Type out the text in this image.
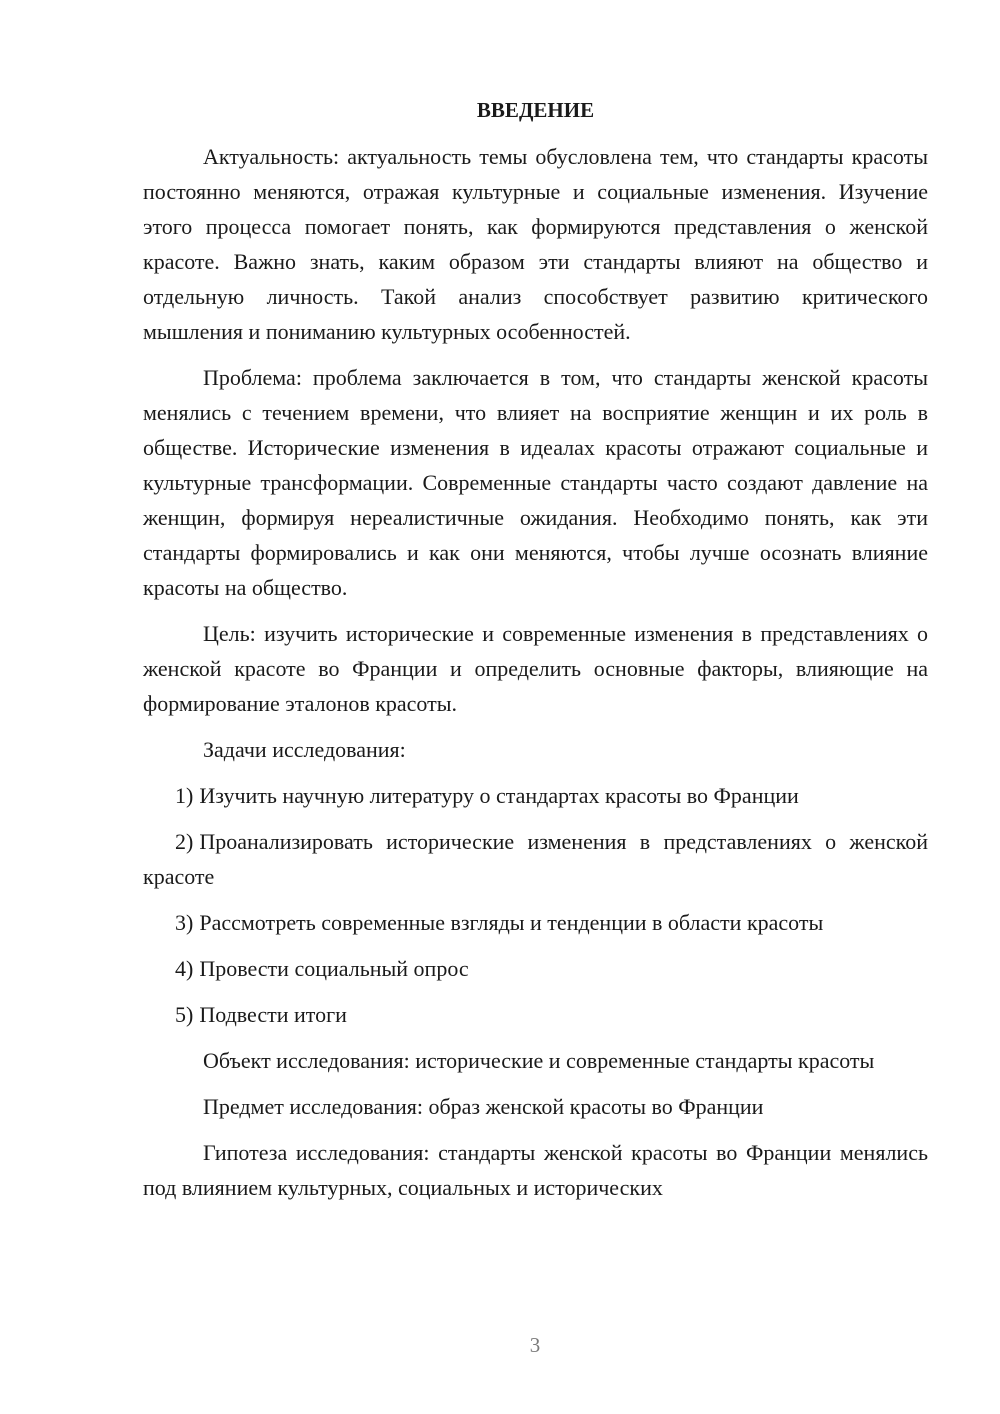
ВВЕДЕНИЕ

Актуальность: актуальность темы обусловлена тем, что стандарты красоты постоянно меняются, отражая культурные и социальные изменения. Изучение этого процесса помогает понять, как формируются представления о женской красоте. Важно знать, каким образом эти стандарты влияют на общество и отдельную личность. Такой анализ способствует развитию критического мышления и пониманию культурных особенностей.

Проблема: проблема заключается в том, что стандарты женской красоты менялись с течением времени, что влияет на восприятие женщин и их роль в обществе. Исторические изменения в идеалах красоты отражают социальные и культурные трансформации. Современные стандарты часто создают давление на женщин, формируя нереалистичные ожидания. Необходимо понять, как эти стандарты формировались и как они меняются, чтобы лучше осознать влияние красоты на общество.

Цель: изучить исторические и современные изменения в представлениях о женской красоте во Франции и определить основные факторы, влияющие на формирование эталонов красоты.

Задачи исследования:

1) Изучить научную литературу о стандартах красоты во Франции

2) Проанализировать исторические изменения в представлениях о женской красоте

3) Рассмотреть современные взгляды и тенденции в области красоты

4) Провести социальный опрос

5) Подвести итоги

Объект исследования: исторические и современные стандарты красоты

Предмет исследования: образ женской красоты во Франции

Гипотеза исследования: стандарты женской красоты во Франции менялись под влиянием культурных, социальных и исторических

3
